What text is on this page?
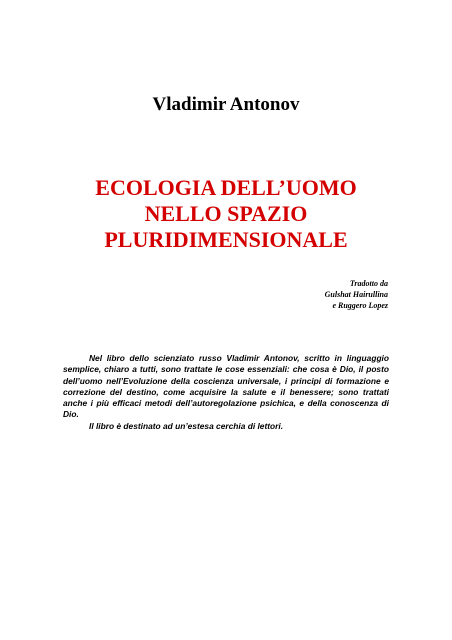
Vladimir Antonov
ECOLOGIA DELL’UOMO
NELLO SPAZIO
PLURIDIMENSIONALE
Tradotto da
Gulshat Hairullina
e Ruggero Lopez

Nel libro dello scienziato russo Vladimir Antonov, scritto in linguaggio semplice, chiaro a tutti, sono trattate le cose essenziali: che cosa è Dio, il posto dell’uomo nell’Evoluzione della coscienza universale, i principi di formazione e correzione del destino, come acquisire la salute e il benessere; sono trattati anche i più efficaci metodi dell’autoregolazione psichica, e della conoscenza di Dio.

Il libro è destinato ad un’estesa cerchia di lettori.
